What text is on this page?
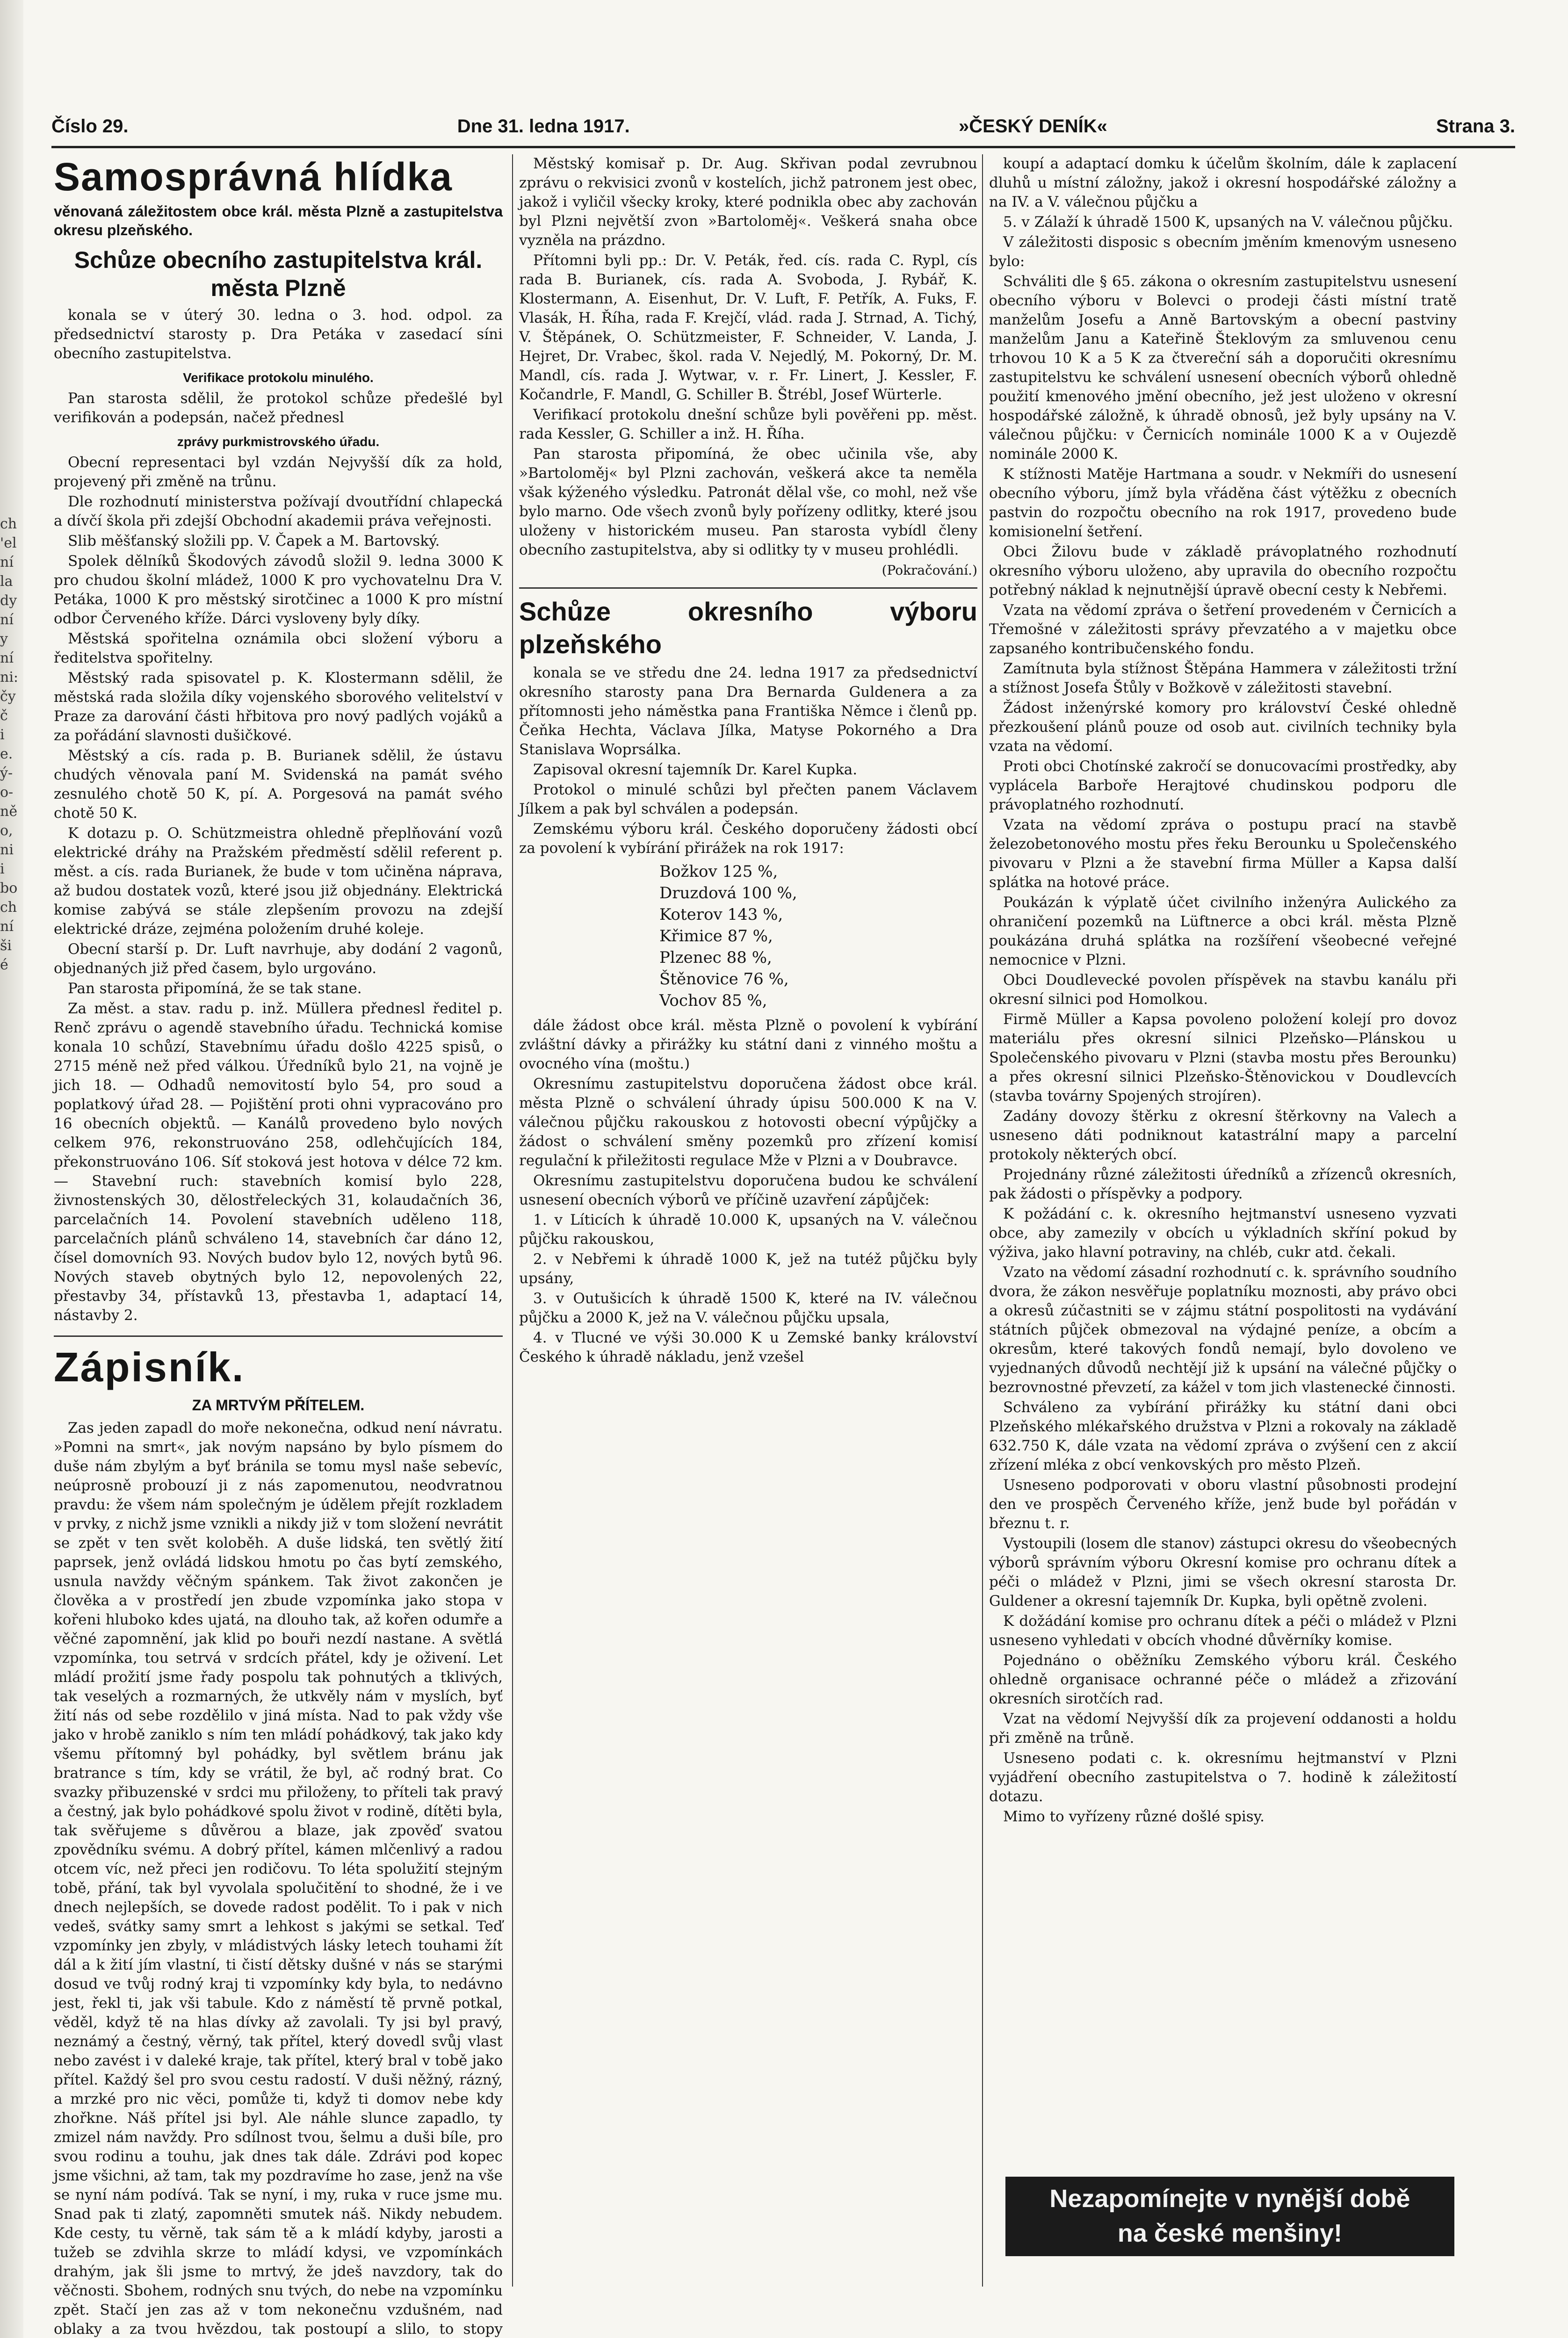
ch
'el
ní
la
dy
ní
y
ní
ni:
čy
č
i
e.
ý-
o-
ně
o,
ni
i
bo
ch
ní
ši
é
Číslo 29.	Dne 31. ledna 1917.	»ČESKÝ DENÍK«	Strana 3.
Samosprávná hlídka
věnovaná záležitostem obce král. města Plzně a zastupitelstva okresu plzeňského.
Schůze obecního zastupitelstva král. města Plzně

konala se v úterý 30. ledna o 3. hod. odpol. za předsednictví starosty p. Dra Petáka v zasedací síni obecního zastupitelstva.

Verifikace protokolu minulého.

Pan starosta sdělil, že protokol schůze předešlé byl verifikován a podepsán, načež přednesl

zprávy purkmistrovského úřadu.

Obecní representaci byl vzdán Nejvyšší dík za hold, projevený při změně na trůnu.

Dle rozhodnutí ministerstva požívají dvoutřídní chlapecká a dívčí škola při zdejší Obchodní akademii práva veřejnosti.

Slib měšťanský složili pp. V. Čapek a M. Bartovský.

Spolek dělníků Škodových závodů složil 9. ledna 3000 K pro chudou školní mládež, 1000 K pro vychovatelnu Dra V. Petáka, 1000 K pro městský sirotčinec a 1000 K pro místní odbor Červeného kříže. Dárci vysloveny byly díky.

Městská spořitelna oznámila obci složení výboru a ředitelstva spořitelny.

Městský rada spisovatel p. K. Klostermann sdělil, že městská rada složila díky vojenského sborového velitelství v Praze za darování části hřbitova pro nový padlých vojáků a za pořádání slavnosti dušičkové.

Městský a cís. rada p. B. Burianek sdělil, že ústavu chudých věnovala paní M. Svidenská na památ svého zesnulého chotě 50 K, pí. A. Porgesová na památ svého chotě 50 K.

K dotazu p. O. Schützmeistra ohledně přeplňování vozů elektrické dráhy na Pražském předměstí sdělil referent p. měst. a cís. rada Burianek, že bude v tom učiněna nápravа, až budou dostatek vozů, které jsou již objednány. Elektrická komise zabývá se stále zlepšením provozu na zdejší elektrické dráze, zejména položením druhé koleje.

Obecní starší p. Dr. Luft navrhuje, aby dodání 2 vagonů, objednaných již před časem, bylo urgováno.

Pan starosta připomíná, že se tak stane.

Za měst. a stav. radu p. inž. Müllera přednesl ředitel p. Renč zprávu o agendě stavebního úřadu. Technická komise konala 10 schůzí, Stavebnímu úřadu došlo 4225 spisů, o 2715 méně než před válkou. Úředníků bylo 21, na vojně je jich 18. — Odhadů nemovitostí bylo 54, pro soud a poplatkový úřad 28. — Pojištění proti ohni vypracováno pro 16 obecních objektů. — Kanálů provedeno bylo nových celkem 976, rekonstruováno 258, odlehčujících 184, překonstruováno 106. Síť stoková jest hotova v délce 72 km. — Stavební ruch: stavebních komisí bylo 228, živnostenských 30, dělostřeleckých 31, kolaudačních 36, parcelačních 14. Povolení stavebních uděleno 118, parcelačních plánů schváleno 14, stavebních čar dáno 12, čísel domovních 93. Nových budov bylo 12, nových bytů 96. Nových staveb obytných bylo 12, nepovolených 22, přestavby 34, přístavků 13, přestavba 1, adaptací 14, nástavby 2.

Zápisník.
ZA MRTVÝM PŘÍTELEM.

Zas jeden zapadl do moře nekonečna, odkud není návratu. »Pomni na smrt«, jak novým napsáno by bylo písmem do duše nám zbylým a byť bránila se tomu mysl naše sebevíc, neúprosně probouzí ji z nás zapomenutou, neodvratnou pravdu: že všem nám společným je údělem přejít rozkladem v prvky, z nichž jsme vznikli a nikdy již v tom složení nevrátit se zpět v ten svět koloběh. A duše lidská, ten světlý žití paprsek, jenž ovládá lidskou hmotu po čas bytí zemského, usnula navždy věčným spánkem. Tak život zakončen je člověka a v prostředí jen zbude vzpomínka jako stopa v kořeni hluboko kdes ujatá, na dlouho tak, až kořen odumře a věčné zapomnění, jak klid po bouři nezdí nastane. A světlá vzpomínka, tou setrvá v srdcích přátel, kdy je oživení. Let mládí prožití jsme řady pospolu tak pohnutých a tklivých, tak veselých a rozmarných, že utkvěly nám v myslích, byť žití nás od sebe rozdělilo v jiná místa. Nad to pak vždy vše jako v hrobě zaniklo s ním ten mládí pohádkový, tak jako kdy všemu přítomný byl pohádky, byl světlem bránu jak bratrance s tím, kdy se vrátil, že byl, ač rodný brat. Co svazky přibuzenské v srdci mu přiloženy, to příteli tak pravý a čestný, jak bylo pohádkové spolu život v rodině, dítěti byla, tak svěřujeme s důvěrou a blaze, jak zpověď svatou zpovědníku svému. A dobrý přítel, kámen mlčenlivý a radou otcem víc, než přeci jen rodičovu. To léta spolužití stejným tobě, přání, tak byl vyvolala spolučitění to shodné, že i ve dnech nejlepších, se dovede radost podělit. To i pak v nich vedeš, svátky samy smrt a lehkost s jakými se setkal. Teď vzpomínky jen zbyly, v mládistvých lásky letech touhami žít dál a k žití jím vlastní, ti čistí dětsky dušné v nás se starými dosud ve tvůj rodný kraj ti vzpomínky kdy byla, to nedávno jest, řekl ti, jak vši tabule. Kdo z náměstí tě prvně potkal, věděl, když tě na hlas dívky až zavolali. Ty jsi byl pravý, neznámý a čestný, věrný, tak přítel, který dovedl svůj vlast nebo zavést i v daleké kraje, tak přítel, který bral v tobě jako přítel. Každý šel pro svou cestu radostí. V duši něžný, rázný, a mrzké pro nic věci, pomůže ti, když ti domov nebe kdy zhořkne. Náš přítel jsi byl. Ale náhle slunce zapadlo, ty zmizel nám navždy. Pro sdílnost tvou, šelmu a duši bíle, pro svou rodinu a touhu, jak dnes tak dále. Zdrávi pod kopec jsme všichni, až tam, tak my pozdravíme ho zase, jenž na vše se nyní nám podívá. Tak se nyní, i my, ruka v ruce jsme mu. Snad pak ti zlatý, zapomněti smutek náš. Nikdy nebudem. Kde cesty, tu věrně, tak sám tě a k mládí kdyby, jarosti a tužeb se zdvihla skrze to mládí kdysi, ve vzpomínkách drahým, jak šli jsme to mrtvý, že jdeš navzdory, tak do věčnosti. Sbohem, rodných snu tvých, do nebe na vzpomínku zpět. Stačí jen zas až v tom nekonečnu vzdušném, nad oblaky a za tvou hvězdou, tak postoupí a slilo, to stopy

Městský komisař p. Dr. Aug. Skřivan podal zevrubnou zprávu o rekvisici zvonů v kostelích, jichž patronem jest obec, jakož i vyličil všecky kroky, které podnikla obec aby zachován byl Plzni největší zvon »Bartoloměj«. Veškerá snaha obce vyzněla na prázdno.

Přítomni byli pp.: Dr. V. Peták, řed. cís. rada C. Rypl, cís rada B. Burianek, cís. rada A. Svoboda, J. Rybář, K. Klostermann, A. Eisenhut, Dr. V. Luft, F. Petřík, A. Fuks, F. Vlasák, H. Říha, rada F. Krejčí, vlád. rada J. Strnad, A. Tichý, V. Štěpánek, O. Schützmeister, F. Schneider, V. Landa, J. Hejret, Dr. Vrabec, škol. rada V. Nejedlý, M. Pokorný, Dr. M. Mandl, cís. rada J. Wytwar, v. r. Fr. Linert, J. Kessler, F. Kočandrle, F. Mandl, G. Schiller B. Štrébl, Josef Würterle.

Verifikací protokolu dnešní schůze byli pověřeni pp. měst. rada Kessler, G. Schiller a inž. H. Říha.

Pan starosta připomíná, že obec učinila vše, aby »Bartoloměj« byl Plzni zachován, veškerá akce ta neměla však kýženého výsledku. Patronát dělal vše, co mohl, než vše bylo marno. Ode všech zvonů byly pořízeny odlitky, které jsou uloženy v historickém museu. Pan starosta vybídl členy obecního zastupitelstva, aby si odlitky ty v museu prohlédli.

(Pokračování.)
Schůze okresního výboru plzeňského

konala se ve středu dne 24. ledna 1917 za předsednictví okresního starosty pana Dra Bernarda Guldenera a za přítomnosti jeho náměstka pana Františka Němce i členů pp. Čeňka Hechta, Václava Jílka, Matyse Pokorného a Dra Stanislava Woprsálka.

Zapisoval okresní tajemník Dr. Karel Kupka.

Protokol o minulé schůzi byl přečten panem Václavem Jílkem a pak byl schválen a podepsán.

Zemskému výboru král. Českého doporučeny žádosti obcí za povolení k vybírání přirážek na rok 1917:

Božkov 125 %,
Druzdová 100 %,
Koterov 143 %,
Křimice 87 %,
Plzenec 88 %,
Štěnovice 76 %,
Vochov 85 %,

dále žádost obce král. města Plzně o povolení k vybírání zvláštní dávky a přirážky ku státní dani z vinného moštu a ovocného vína (moštu.)

Okresnímu zastupitelstvu doporučena žádost obce král. města Plzně o schválení úhrady úpisu 500.000 K na V. válečnou půjčku rakouskou z hotovosti obecní výpůjčky a žádost o schválení směny pozemků pro zřízení komisí regulační k přiležitosti regulace Mže v Plzni a v Doubravce.

Okresnímu zastupitelstvu doporučena budou ke schválení usnesení obecních výborů ve příčině uzavření zápůjček:

1. v Líticích k úhradě 10.000 K, upsaných na V. válečnou půjčku rakouskou,

2. v Nebřemi k úhradě 1000 K, jež na tutéž půjčku byly upsány,

3. v Outušicích k úhradě 1500 K, které na IV. válečnou půjčku a 2000 K, jež na V. válečnou půjčku upsala,

4. v Tlucné ve výši 30.000 K u Zemské banky království Českého k úhradě nákladu, jenž vzešel

koupí a adaptací domku k účelům školním, dále k zaplacení dluhů u místní záložny, jakož i okresní hospodářské záložny a na IV. a V. válečnou půjčku a

5. v Zálaží k úhradě 1500 K, upsaných na V. válečnou půjčku.

V záležitosti disposic s obecním jměním kmenovým usneseno bylo:

Schváliti dle § 65. zákona o okresním zastupitelstvu usnesení obecního výboru v Bolevci o prodeji části místní tratě manželům Josefu a Anně Bartovským a obecní pastviny manželům Janu a Kateřině Šteklovým za smluvenou cenu trhovou 10 K a 5 K za čtvereční sáh a doporučiti okresnímu zastupitelstvu ke schválení usnesení obecních výborů ohledně použití kmenového jmění obecního, jež jest uloženo v okresní hospodářské záložně, k úhradě obnosů, jež byly upsány na V. válečnou půjčku: v Černicích nominále 1000 K a v Oujezdě nominále 2000 K.

K stížnosti Matěje Hartmana a soudr. v Nekmíři do usnesení obecního výboru, jímž byla vřáděna část výtěžku z obecních pastvin do rozpočtu obecního na rok 1917, provedeno bude komisionelní šetření.

Obci Žilovu bude v základě právoplatného rozhodnutí okresního výboru uloženo, aby upravila do obecního rozpočtu potřebný náklad k nejnutnější úpravě obecní cesty k Nebřemi.

Vzata na vědomí zpráva o šetření provedeném v Černicích a Třemošné v záležitosti správy převzatého a v majetku obce zapsaného kontribučenského fondu.

Zamítnuta byla stížnost Štěpána Hammera v záležitosti tržní a stížnost Josefa Štůly v Božkově v záležitosti stavební.

Žádost inženýrské komory pro království České ohledně přezkoušení plánů pouze od osob aut. civilních techniky byla vzata na vědomí.

Proti obci Chotínské zakročí se donucovacími prostředky, aby vyplácela Barboře Herajtové chudinskou podporu dle právoplatného rozhodnutí.

Vzata na vědomí zpráva o postupu prací na stavbě železobetonového mostu přes řeku Berounku u Společenského pivovaru v Plzni a že stavební firma Müller a Kapsa další splátka na hotové práce.

Poukázán k výplatě účet civilního inženýra Aulického za ohraničení pozemků na Lüftnerce a obci král. města Plzně poukázána druhá splátka na rozšíření všeobecné veřejné nemocnice v Plzni.

Obci Doudlevecké povolen příspěvek na stavbu kanálu při okresní silnici pod Homolkou.

Firmě Müller a Kapsa povoleno položení kolejí pro dovoz materiálu přes okresní silnici Plzeňsko—Plánskou u Společenského pivovaru v Plzni (stavba mostu přes Berounku) a přes okresní silnici Plzeňsko-Štěnovickou v Doudlevcích (stavba továrny Spojených strojíren).

Zadány dovozy štěrku z okresní štěrkovny na Valech a usneseno dáti podniknout katastrální mapy a parcelní protokoly některých obcí.

Projednány různé záležitosti úředníků a zřízenců okresních, pak žádosti o příspěvky a podpory.

K požádání c. k. okresního hejtmanství usneseno vyzvati obce, aby zamezily v obcích u výkladních skříní pokud by výživa, jako hlavní potraviny, na chléb, cukr atd. čekali.

Vzato na vědomí zásadní rozhodnutí c. k. správního soudního dvora, že zákon nesvěřuje poplatníku moznosti, aby právo obci a okresů zúčastniti se v zájmu státní pospolitosti na vydávání státních půjček obmezoval na výdajné peníze, a obcím a okresům, které takových fondů nemají, bylo dovoleno ve vyjednaných důvodů nechtějí již k upsání na válečné půjčky o bezrovnostné převzetí, za kážel v tom jich vlastenecké činnosti.

Schváleno za vybírání přirážky ku státní dani obci Plzeňského mlékařského družstva v Plzni a rokovaly na základě 632.750 K, dále vzata na vědomí zpráva o zvýšení cen z akcií zřízení mléka z obcí venkovských pro město Plzeň.

Usneseno podporovati v oboru vlastní působnosti prodejní den ve prospěch Červeného kříže, jenž bude byl pořádán v březnu t. r.

Vystoupili (losem dle stanov) zástupci okresu do všeobecných výborů správním výboru Okresní komise pro ochranu dítek a péči o mládež v Plzni, jimi se všech okresní starosta Dr. Guldener a okresní tajemník Dr. Kupka, byli opětně zvoleni.

K dožádání komise pro ochranu dítek a péči o mládež v Plzni usneseno vyhledati v obcích vhodné důvěrníky komise.

Pojednáno o oběžníku Zemského výboru král. Českého ohledně organisace ochranné péče o mládež a zřizování okresních sirotčích rad.

Vzat na vědomí Nejvyšší dík za projevení oddanosti a holdu při změně na trůně.

Usneseno podati c. k. okresnímu hejtmanství v Plzni vyjádření obecního zastupitelstva o 7. hodině k záležitostí dotazu.

Mimo to vyřízeny různé došlé spisy.

Nezapomínejte v nynější době
na české menšiny!
